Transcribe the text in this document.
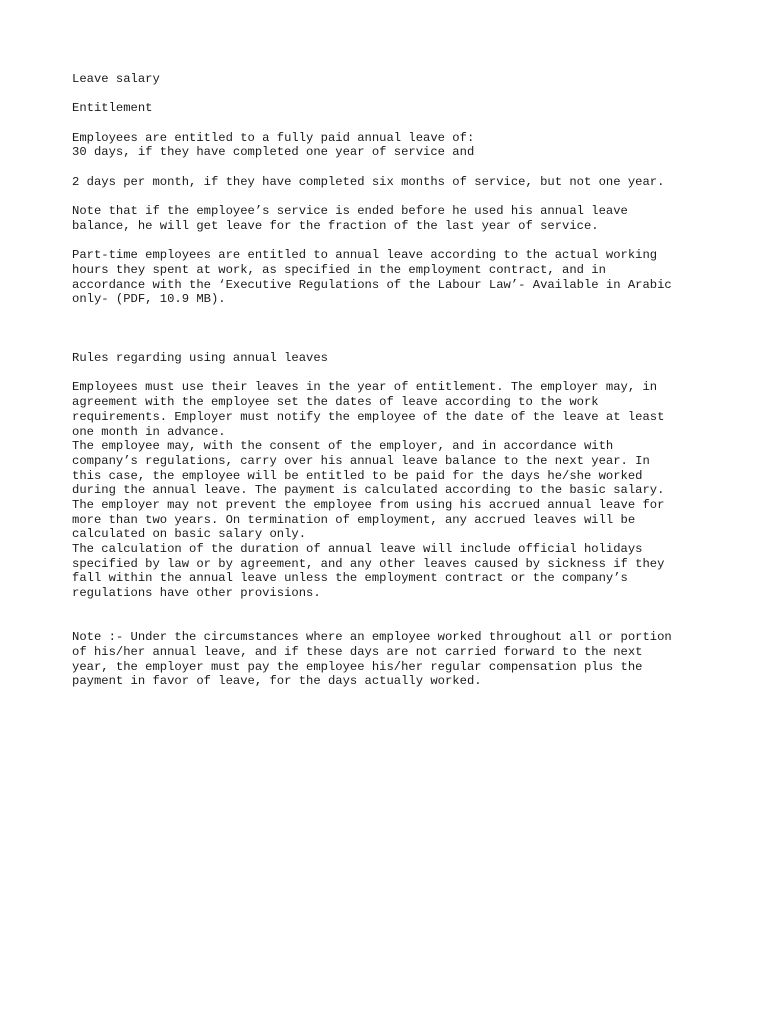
Leave salary
Entitlement
Employees are entitled to a fully paid annual leave of:
30 days, if they have completed one year of service and
2 days per month, if they have completed six months of service, but not one year.
Note that if the employee’s service is ended before he used his annual leave
balance, he will get leave for the fraction of the last year of service.
Part-time employees are entitled to annual leave according to the actual working
hours they spent at work, as specified in the employment contract, and in
accordance with the ‘Executive Regulations of the Labour Law’- Available in Arabic
only- (PDF, 10.9 MB).
Rules regarding using annual leaves
Employees must use their leaves in the year of entitlement. The employer may, in
agreement with the employee set the dates of leave according to the work
requirements. Employer must notify the employee of the date of the leave at least
one month in advance.
The employee may, with the consent of the employer, and in accordance with
company’s regulations, carry over his annual leave balance to the next year. In
this case, the employee will be entitled to be paid for the days he/she worked
during the annual leave. The payment is calculated according to the basic salary.
The employer may not prevent the employee from using his accrued annual leave for
more than two years. On termination of employment, any accrued leaves will be
calculated on basic salary only.
The calculation of the duration of annual leave will include official holidays
specified by law or by agreement, and any other leaves caused by sickness if they
fall within the annual leave unless the employment contract or the company’s
regulations have other provisions.
Note :- Under the circumstances where an employee worked throughout all or portion
of his/her annual leave, and if these days are not carried forward to the next
year, the employer must pay the employee his/her regular compensation plus the
payment in favor of leave, for the days actually worked.
